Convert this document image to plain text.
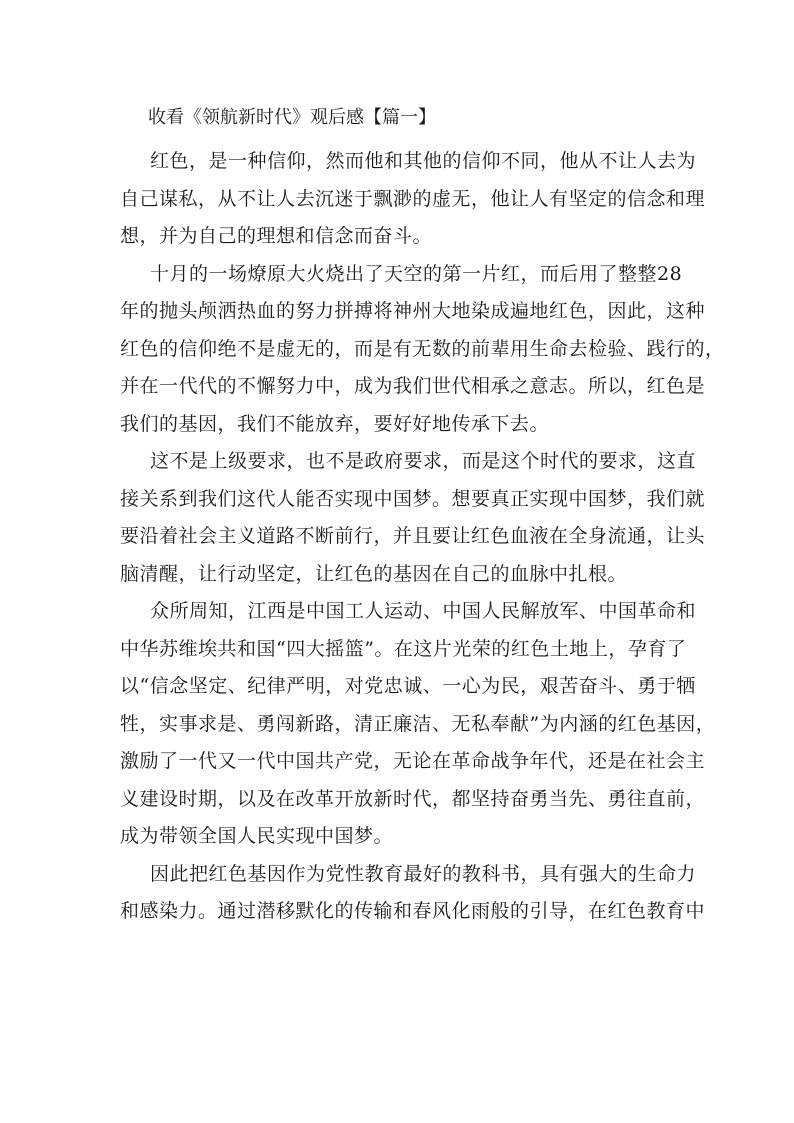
收看《领航新时代》观后感【篇一】

红色，是一种信仰，然而他和其他的信仰不同，他从不让人去为
自己谋私，从不让人去沉迷于飘渺的虚无，他让人有坚定的信念和理
想，并为自己的理想和信念而奋斗。

十月的一场燎原大火烧出了天空的第一片红，而后用了整整28
年的抛头颅洒热血的努力拼搏将神州大地染成遍地红色，因此，这种
红色的信仰绝不是虚无的，而是有无数的前辈用生命去检验、践行的，
并在一代代的不懈努力中，成为我们世代相承之意志。所以，红色是
我们的基因，我们不能放弃，要好好地传承下去。

这不是上级要求，也不是政府要求，而是这个时代的要求，这直
接关系到我们这代人能否实现中国梦。想要真正实现中国梦，我们就
要沿着社会主义道路不断前行，并且要让红色血液在全身流通，让头
脑清醒，让行动坚定，让红色的基因在自己的血脉中扎根。

众所周知，江西是中国工人运动、中国人民解放军、中国革命和
中华苏维埃共和国“四大摇篮”。在这片光荣的红色土地上，孕育了
以“信念坚定、纪律严明，对党忠诚、一心为民，艰苦奋斗、勇于牺
牲，实事求是、勇闯新路，清正廉洁、无私奉献”为内涵的红色基因，
激励了一代又一代中国共产党，无论在革命战争年代，还是在社会主
义建设时期，以及在改革开放新时代，都坚持奋勇当先、勇往直前，
成为带领全国人民实现中国梦。

因此把红色基因作为党性教育最好的教科书，具有强大的生命力
和感染力。通过潜移默化的传输和春风化雨般的引导，在红色教育中
